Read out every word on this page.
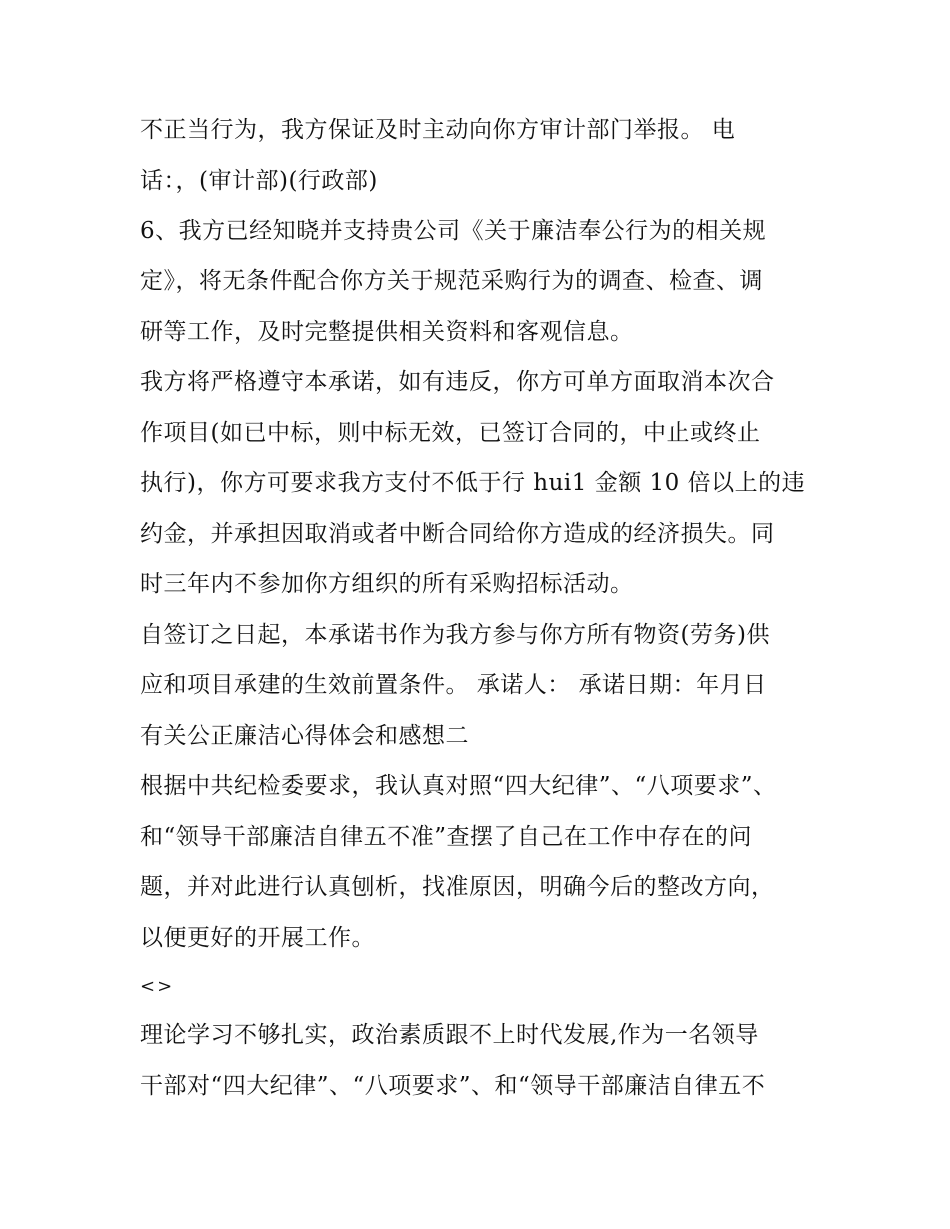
不正当行为，我方保证及时主动向你方审计部门举报。 电
话：，(审计部)(行政部)
6、我方已经知晓并支持贵公司《关于廉洁奉公行为的相关规
定》，将无条件配合你方关于规范采购行为的调查、检查、调
研等工作，及时完整提供相关资料和客观信息。
我方将严格遵守本承诺，如有违反，你方可单方面取消本次合
作项目(如已中标，则中标无效，已签订合同的，中止或终止
执行)，你方可要求我方支付不低于行 hui1 金额 10 倍以上的违
约金，并承担因取消或者中断合同给你方造成的经济损失。同
时三年内不参加你方组织的所有采购招标活动。
自签订之日起，本承诺书作为我方参与你方所有物资(劳务)供
应和项目承建的生效前置条件。 承诺人： 承诺日期：年月日
有关公正廉洁心得体会和感想二
根据中共纪检委要求，我认真对照“四大纪律”、“八项要求”、
和“领导干部廉洁自律五不准”查摆了自己在工作中存在的问
题，并对此进行认真刨析，找准原因，明确今后的整改方向，
以便更好的开展工作。
<>
理论学习不够扎实，政治素质跟不上时代发展,作为一名领导
干部对“四大纪律”、“八项要求”、和“领导干部廉洁自律五不
